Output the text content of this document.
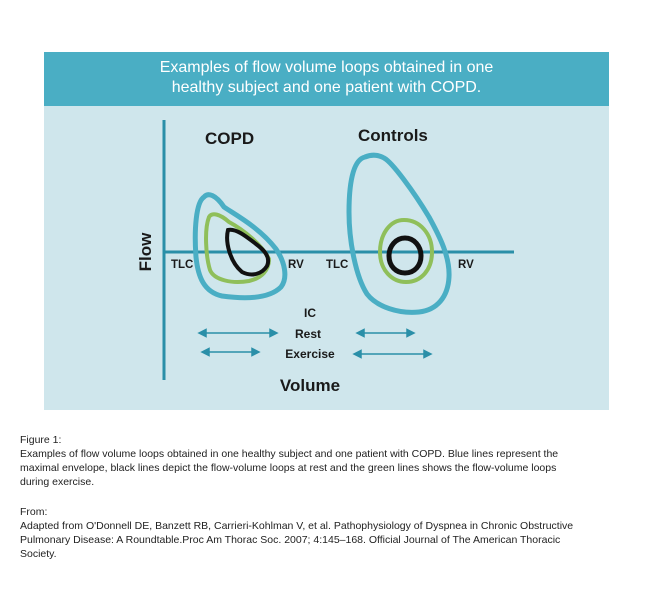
Examples of flow volume loops obtained in one
healthy subject and one patient with COPD.
COPD	Controls
Flow
Volume
TLC	RV TLC	RV
IC
Rest
Exercise

Figure 1:

Examples of flow volume loops obtained in one healthy subject and one patient with COPD. Blue lines represent the

maximal envelope, black lines depict the flow-volume loops at rest and the green lines shows the flow-volume loops

during exercise.

From:

Adapted from O'Donnell DE, Banzett RB, Carrieri-Kohlman V, et al. Pathophysiology of Dyspnea in Chronic Obstructive

Pulmonary Disease: A Roundtable.Proc Am Thorac Soc. 2007; 4:145–168. Official Journal of The American Thoracic

Society.
